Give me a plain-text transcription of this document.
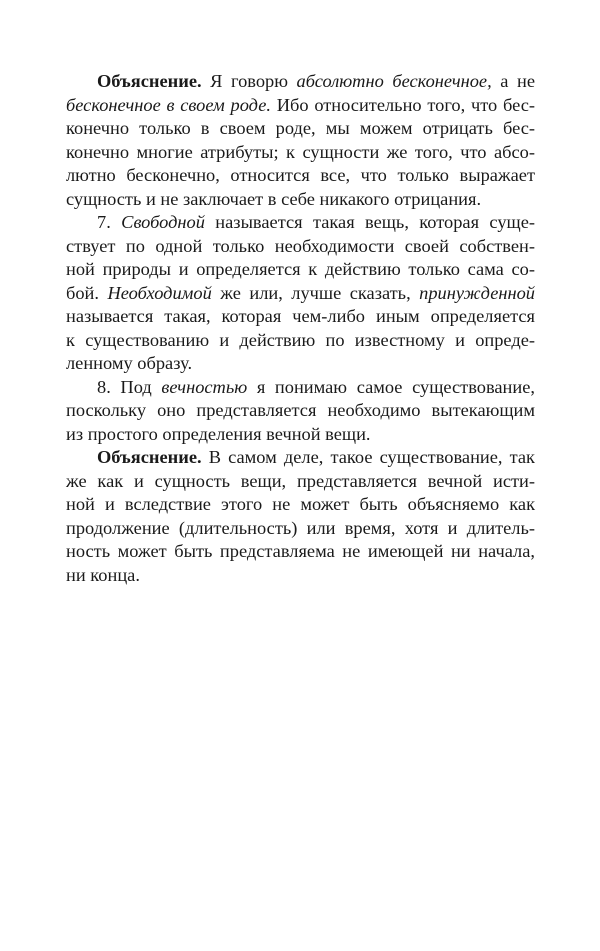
Объяснение. Я говорю абсолютно бесконечное, а не
бесконечное в своем роде. Ибо относительно того, что бес-
конечно только в своем роде, мы можем отрицать бес-
конечно многие атрибуты; к сущности же того, что абсо-
лютно бесконечно, относится все, что только выражает
сущность и не заключает в себе никакого отрицания.
7. Свободной называется такая вещь, которая суще-
ствует по одной только необходимости своей собствен-
ной природы и определяется к действию только сама со-
бой. Необходимой же или, лучше сказать, принужденной
называется такая, которая чем-либо иным определяется
к существованию и действию по известному и опреде-
ленному образу.
8. Под вечностью я понимаю самое существование,
поскольку оно представляется необходимо вытекающим
из простого определения вечной вещи.
Объяснение. В самом деле, такое существование, так
же как и сущность вещи, представляется вечной исти-
ной и вследствие этого не может быть объясняемо как
продолжение (длительность) или время, хотя и длитель-
ность может быть представляема не имеющей ни начала,
ни конца.
